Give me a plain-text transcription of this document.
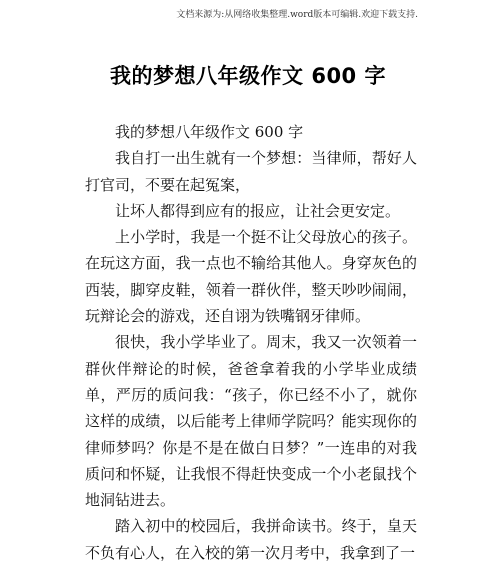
文档来源为:从网络收集整理.word版本可编辑.欢迎下载支持.
我的梦想八年级作文 600 字

我的梦想八年级作文 600 字

我自打一出生就有一个梦想：当律师，帮好人打官司，不要在起冤案，

让坏人都得到应有的报应，让社会更安定。

上小学时，我是一个挺不让父母放心的孩子。在玩这方面，我一点也不输给其他人。身穿灰色的西装，脚穿皮鞋，领着一群伙伴，整天吵吵闹闹，玩辩论会的游戏，还自诩为铁嘴钢牙律师。

很快，我小学毕业了。周末，我又一次领着一群伙伴辩论的时候，爸爸拿着我的小学毕业成绩单，严厉的质问我：“孩子，你已经不小了，就你这样的成绩，以后能考上律师学院吗？能实现你的律师梦吗？你是不是在做白日梦？”一连串的对我质问和怀疑，让我恨不得赶快变成一个小老鼠找个地洞钻进去。

踏入初中的校园后，我拼命读书。终于，皇天不负有心人，在入校的第一次月考中，我拿到了一
